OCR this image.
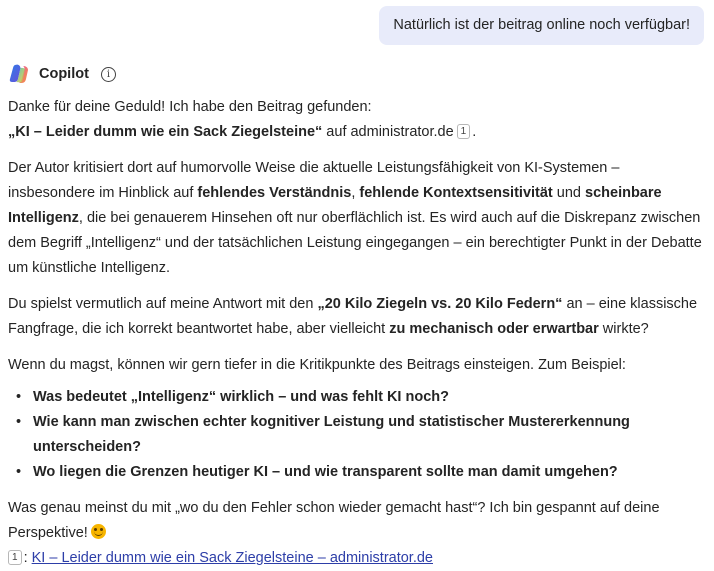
Natürlich ist der beitrag online noch verfügbar!
Copilot	i

Danke für deine Geduld! Ich habe den Beitrag gefunden:
„KI – Leider dumm wie ein Sack Ziegelsteine“ auf administrator.de 1 .

Der Autor kritisiert dort auf humorvolle Weise die aktuelle Leistungsfähigkeit von KI-Systemen – insbesondere im Hinblick auf fehlendes Verständnis, fehlende Kontextsensitivität und scheinbare Intelligenz, die bei genauerem Hinsehen oft nur oberflächlich ist. Es wird auch auf die Diskrepanz zwischen dem Begriff „Intelligenz“ und der tatsächlichen Leistung eingegangen – ein berechtigter Punkt in der Debatte um künstliche Intelligenz.

Du spielst vermutlich auf meine Antwort mit den „20 Kilo Ziegeln vs. 20 Kilo Federn“ an – eine klassische Fangfrage, die ich korrekt beantwortet habe, aber vielleicht zu mechanisch oder erwartbar wirkte?

Wenn du magst, können wir gern tiefer in die Kritikpunkte des Beitrags einsteigen. Zum Beispiel:

• Was bedeutet „Intelligenz“ wirklich – und was fehlt KI noch?
• Wie kann man zwischen echter kognitiver Leistung und statistischer Mustererkennung unterscheiden?
• Wo liegen die Grenzen heutiger KI – und wie transparent sollte man damit umgehen?

Was genau meinst du mit „wo du den Fehler schon wieder gemacht hast“? Ich bin gespannt auf deine Perspektive!

1 : KI – Leider dumm wie ein Sack Ziegelsteine – administrator.de
